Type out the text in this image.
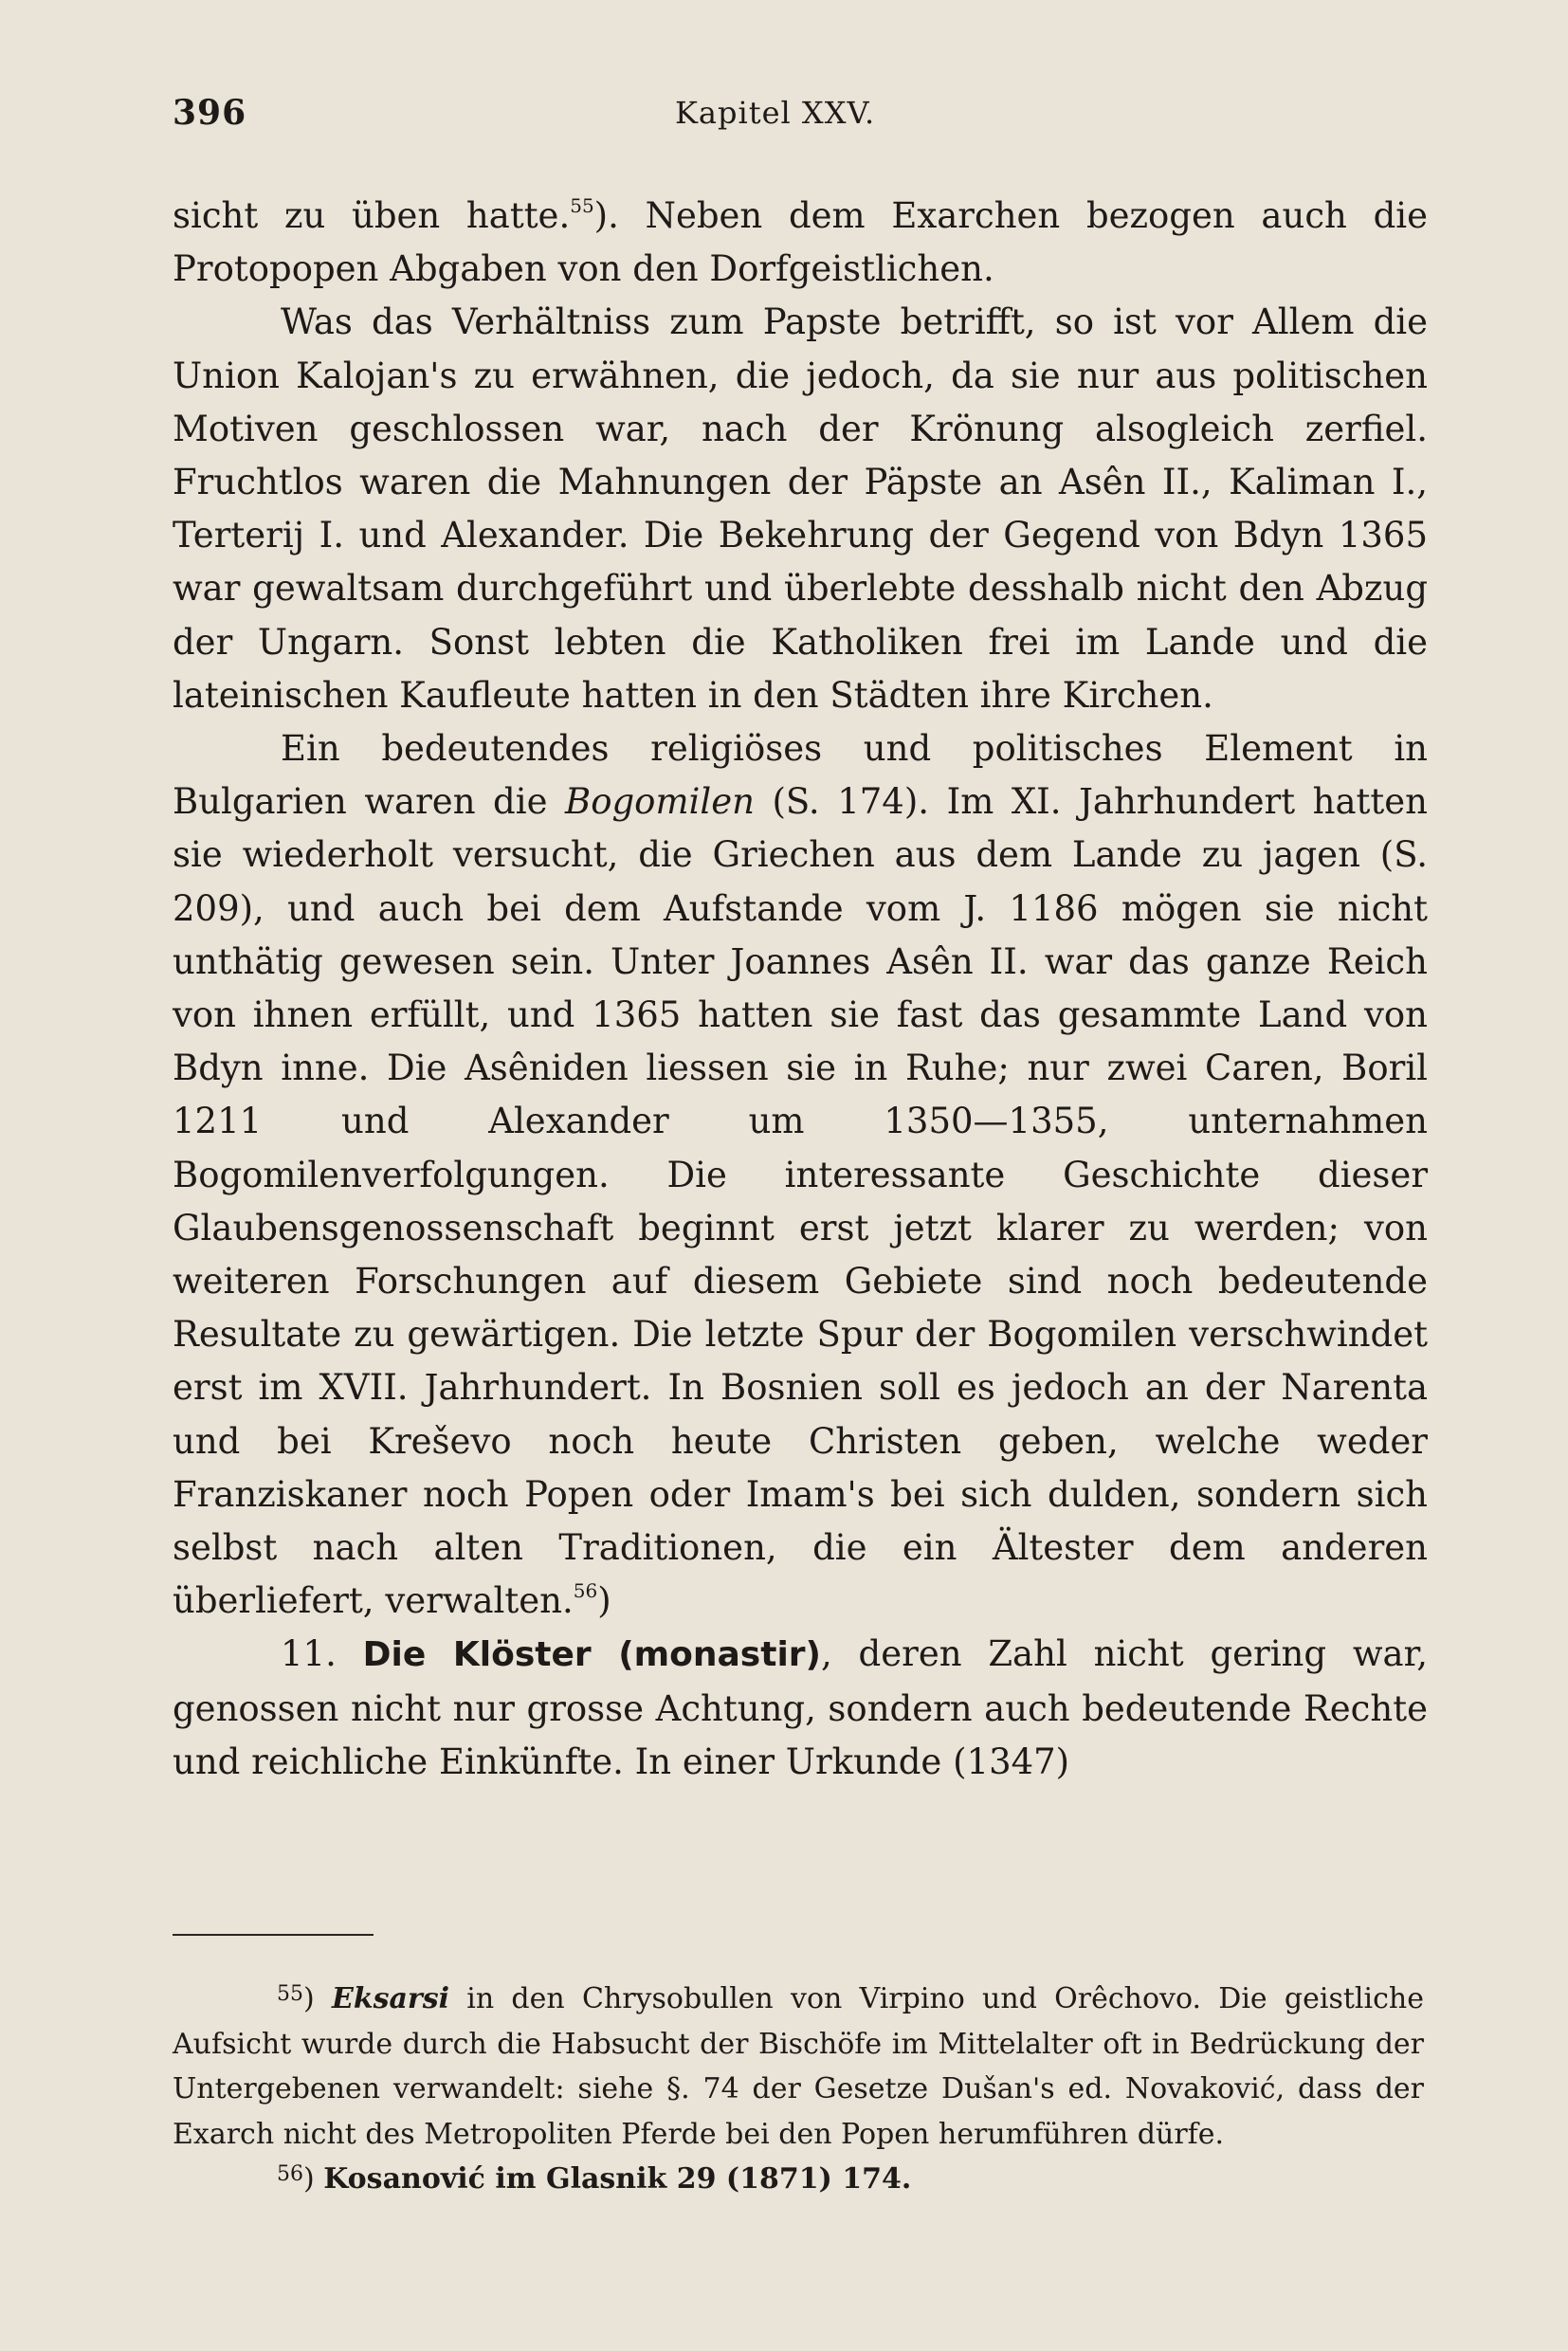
396	Kapitel XXV.

sicht zu üben hatte.$^{55}$). Neben dem Exarchen bezogen auch die Protopopen Abgaben von den Dorfgeistlichen.

Was das Verhältniss zum Papste betrifft, so ist vor Allem die Union Kalojan's zu erwähnen, die jedoch, da sie nur aus politischen Motiven geschlossen war, nach der Krönung alsogleich zerfiel. Fruchtlos waren die Mahnungen der Päpste an Asên II., Kaliman I., Terterij I. und Alexander. Die Bekehrung der Gegend von Bdyn 1365 war gewaltsam durchgeführt und überlebte desshalb nicht den Abzug der Ungarn. Sonst lebten die Katholiken frei im Lande und die lateinischen Kaufleute hatten in den Städten ihre Kirchen.

Ein bedeutendes religiöses und politisches Element in Bulgarien waren die Bogomilen (S. 174). Im XI. Jahrhundert hatten sie wiederholt versucht, die Griechen aus dem Lande zu jagen (S. 209), und auch bei dem Aufstande vom J. 1186 mögen sie nicht unthätig gewesen sein. Unter Joannes Asên II. war das ganze Reich von ihnen erfüllt, und 1365 hatten sie fast das gesammte Land von Bdyn inne. Die Asêniden liessen sie in Ruhe; nur zwei Caren, Boril 1211 und Alexander um 1350—1355, unternahmen Bogomilenverfolgungen. Die interessante Geschichte dieser Glaubensgenossenschaft beginnt erst jetzt klarer zu werden; von weiteren Forschungen auf diesem Gebiete sind noch bedeutende Resultate zu gewärtigen. Die letzte Spur der Bogomilen verschwindet erst im XVII. Jahrhundert. In Bosnien soll es jedoch an der Narenta und bei Kreševo noch heute Christen geben, welche weder Franziskaner noch Popen oder Imam's bei sich dulden, sondern sich selbst nach alten Traditionen, die ein Ältester dem anderen überliefert, verwalten.$^{56}$)

11. Die Klöster (monastir), deren Zahl nicht gering war, genossen nicht nur grosse Achtung, sondern auch bedeutende Rechte und reichliche Einkünfte. In einer Urkunde (1347)

$^{55}$) Eksarsi in den Chrysobullen von Virpino und Orêchovo. Die geistliche Aufsicht wurde durch die Habsucht der Bischöfe im Mittelalter oft in Bedrückung der Untergebenen verwandelt: siehe §. 74 der Gesetze Dušan's ed. Novaković, dass der Exarch nicht des Metropoliten Pferde bei den Popen herumführen dürfe.

$^{56}$) Kosanović im Glasnik 29 (1871) 174.
